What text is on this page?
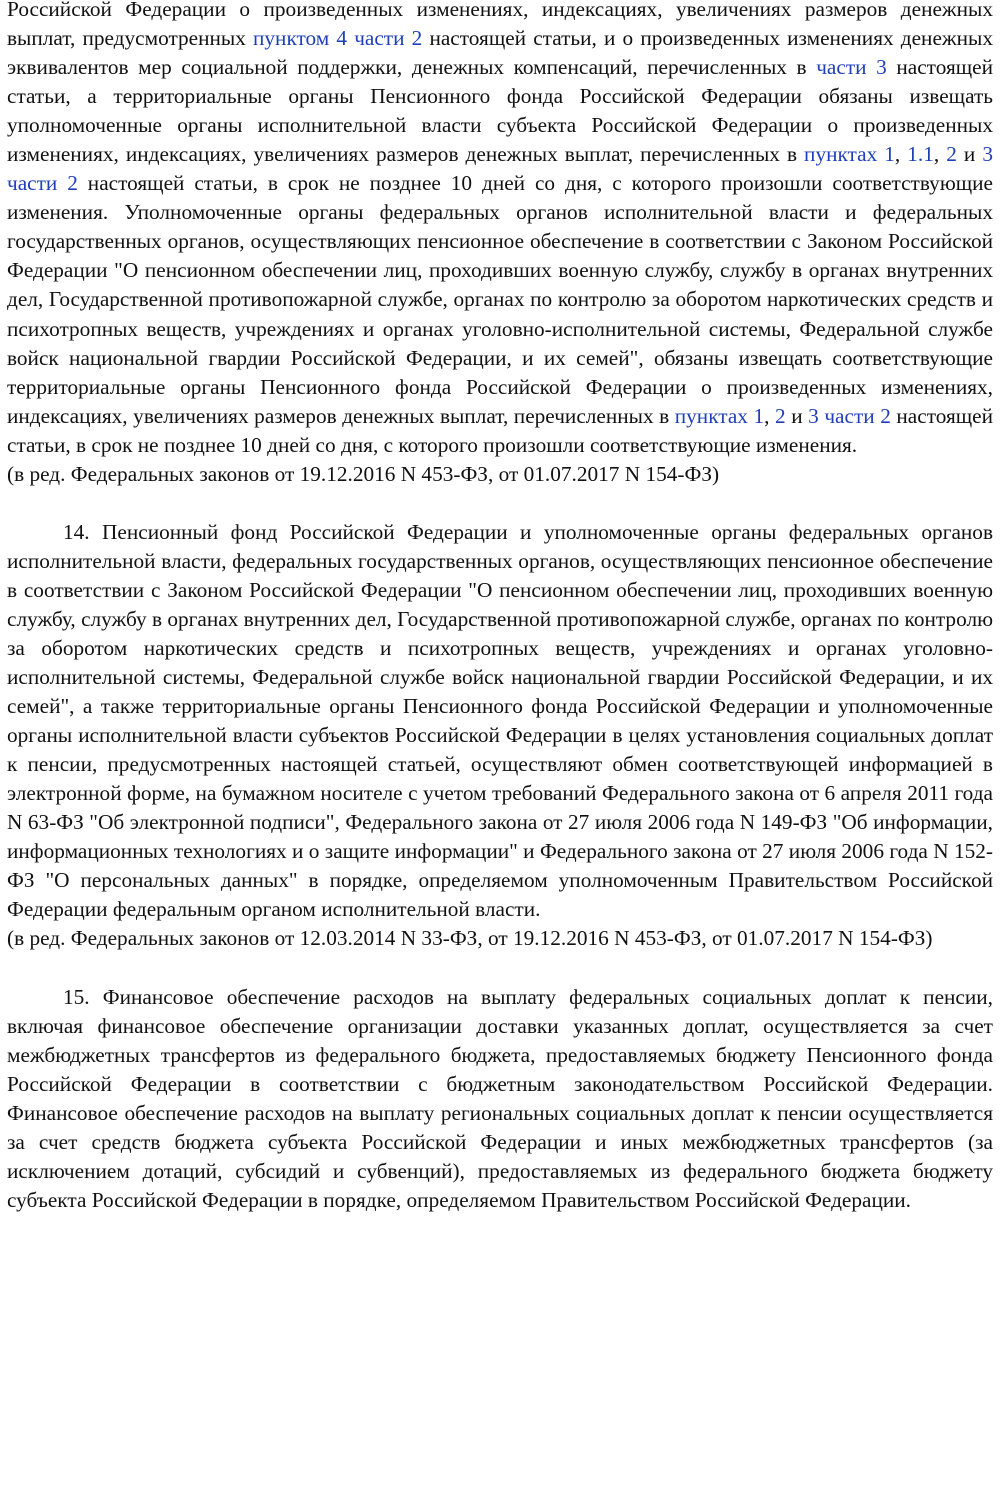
Российской Федерации о произведенных изменениях, индексациях, увеличениях размеров денежных выплат, предусмотренных пунктом 4 части 2 настоящей статьи, и о произведенных изменениях денежных эквивалентов мер социальной поддержки, денежных компенсаций, перечисленных в части 3 настоящей статьи, а территориальные органы Пенсионного фонда Российской Федерации обязаны извещать уполномоченные органы исполнительной власти субъекта Российской Федерации о произведенных изменениях, индексациях, увеличениях размеров денежных выплат, перечисленных в пунктах 1, 1.1, 2 и 3 части 2 настоящей статьи, в срок не позднее 10 дней со дня, с которого произошли соответствующие изменения. Уполномоченные органы федеральных органов исполнительной власти и федеральных государственных органов, осуществляющих пенсионное обеспечение в соответствии с Законом Российской Федерации "О пенсионном обеспечении лиц, проходивших военную службу, службу в органах внутренних дел, Государственной противопожарной службе, органах по контролю за оборотом наркотических средств и психотропных веществ, учреждениях и органах уголовно-исполнительной системы, Федеральной службе войск национальной гвардии Российской Федерации, и их семей", обязаны извещать соответствующие территориальные органы Пенсионного фонда Российской Федерации о произведенных изменениях, индексациях, увеличениях размеров денежных выплат, перечисленных в пунктах 1, 2 и 3 части 2 настоящей статьи, в срок не позднее 10 дней со дня, с которого произошли соответствующие изменения.

(в ред. Федеральных законов от 19.12.2016 N 453-ФЗ, от 01.07.2017 N 154-ФЗ)

14. Пенсионный фонд Российской Федерации и уполномоченные органы федеральных органов исполнительной власти, федеральных государственных органов, осуществляющих пенсионное обеспечение в соответствии с Законом Российской Федерации "О пенсионном обеспечении лиц, проходивших военную службу, службу в органах внутренних дел, Государственной противопожарной службе, органах по контролю за оборотом наркотических средств и психотропных веществ, учреждениях и органах уголовно-исполнительной системы, Федеральной службе войск национальной гвардии Российской Федерации, и их семей", а также территориальные органы Пенсионного фонда Российской Федерации и уполномоченные органы исполнительной власти субъектов Российской Федерации в целях установления социальных доплат к пенсии, предусмотренных настоящей статьей, осуществляют обмен соответствующей информацией в электронной форме, на бумажном носителе с учетом требований Федерального закона от 6 апреля 2011 года N 63-ФЗ "Об электронной подписи", Федерального закона от 27 июля 2006 года N 149-ФЗ "Об информации, информационных технологиях и о защите информации" и Федерального закона от 27 июля 2006 года N 152-ФЗ "О персональных данных" в порядке, определяемом уполномоченным Правительством Российской Федерации федеральным органом исполнительной власти.

(в ред. Федеральных законов от 12.03.2014 N 33-ФЗ, от 19.12.2016 N 453-ФЗ, от 01.07.2017 N 154-ФЗ)

15. Финансовое обеспечение расходов на выплату федеральных социальных доплат к пенсии, включая финансовое обеспечение организации доставки указанных доплат, осуществляется за счет межбюджетных трансфертов из федерального бюджета, предоставляемых бюджету Пенсионного фонда Российской Федерации в соответствии с бюджетным законодательством Российской Федерации. Финансовое обеспечение расходов на выплату региональных социальных доплат к пенсии осуществляется за счет средств бюджета субъекта Российской Федерации и иных межбюджетных трансфертов (за исключением дотаций, субсидий и субвенций), предоставляемых из федерального бюджета бюджету субъекта Российской Федерации в порядке, определяемом Правительством Российской Федерации.
